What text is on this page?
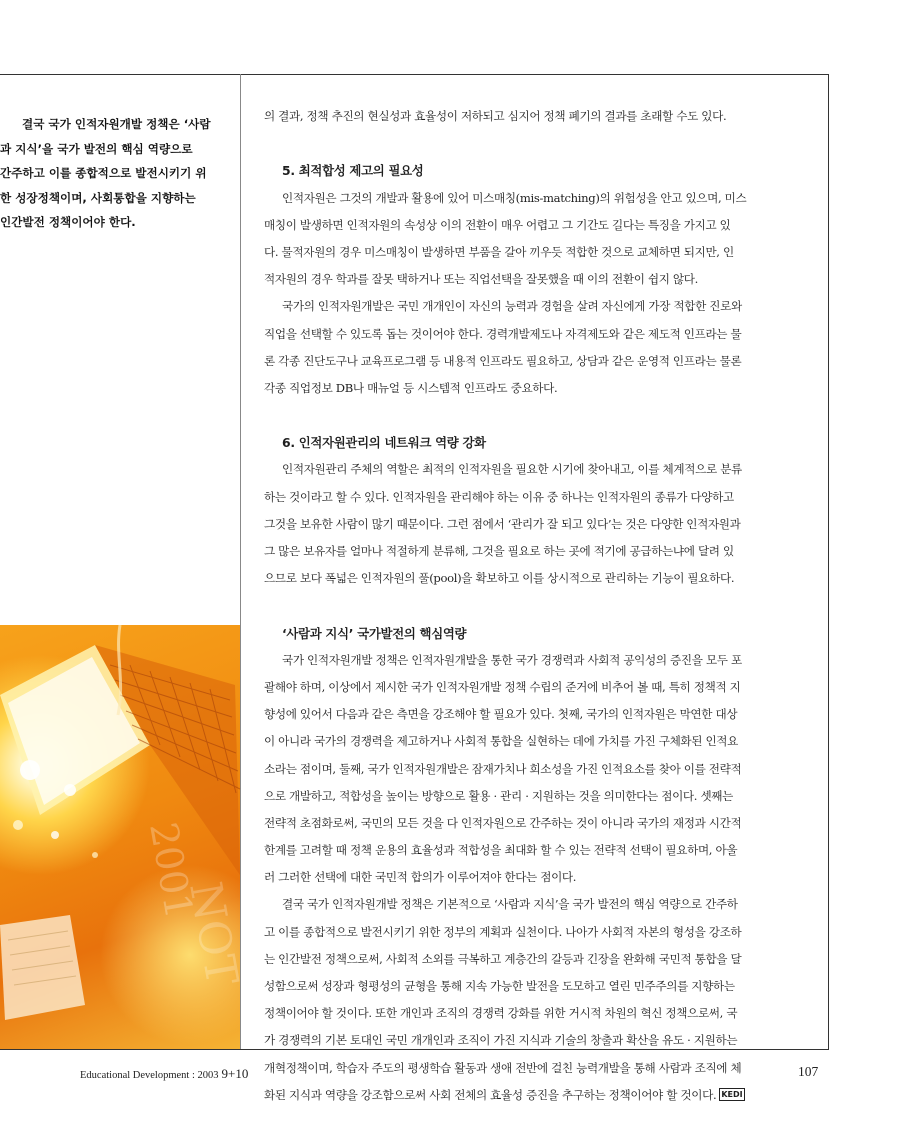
결국 국가 인적자원개발 정책은 ‘사람
과 지식’을 국가 발전의 핵심 역량으로
간주하고 이를 종합적으로 발전시키기 위
한 성장정책이며, 사회통합을 지향하는
인간발전 정책이어야 한다.
2001
NOT
의 결과, 정책 추진의 현실성과 효율성이 저하되고 심지어 정책 폐기의 결과를 초래할 수도 있다.
5. 최적합성 제고의 필요성
인적자원은 그것의 개발과 활용에 있어 미스매칭(mis-matching)의 위험성을 안고 있으며, 미스
매칭이 발생하면 인적자원의 속성상 이의 전환이 매우 어렵고 그 기간도 길다는 특징을 가지고 있
다. 물적자원의 경우 미스매칭이 발생하면 부품을 갈아 끼우듯 적합한 것으로 교체하면 되지만, 인
적자원의 경우 학과를 잘못 택하거나 또는 직업선택을 잘못했을 때 이의 전환이 쉽지 않다.
국가의 인적자원개발은 국민 개개인이 자신의 능력과 경험을 살려 자신에게 가장 적합한 진로와
직업을 선택할 수 있도록 돕는 것이어야 한다. 경력개발제도나 자격제도와 같은 제도적 인프라는 물
론 각종 진단도구나 교육프로그램 등 내용적 인프라도 필요하고, 상담과 같은 운영적 인프라는 물론
각종 직업정보 DB나 매뉴얼 등 시스템적 인프라도 중요하다.
6. 인적자원관리의 네트워크 역량 강화
인적자원관리 주체의 역할은 최적의 인적자원을 필요한 시기에 찾아내고, 이를 체계적으로 분류
하는 것이라고 할 수 있다. 인적자원을 관리해야 하는 이유 중 하나는 인적자원의 종류가 다양하고
그것을 보유한 사람이 많기 때문이다. 그런 점에서 ‘관리가 잘 되고 있다’는 것은 다양한 인적자원과
그 많은 보유자를 얼마나 적절하게 분류해, 그것을 필요로 하는 곳에 적기에 공급하는냐에 달려 있
으므로 보다 폭넓은 인적자원의 풀(pool)을 확보하고 이를 상시적으로 관리하는 기능이 필요하다.
‘사람과 지식’ 국가발전의 핵심역량
국가 인적자원개발 정책은 인적자원개발을 통한 국가 경쟁력과 사회적 공익성의 증진을 모두 포
괄해야 하며, 이상에서 제시한 국가 인적자원개발 정책 수립의 준거에 비추어 볼 때, 특히 정책적 지
향성에 있어서 다음과 같은 측면을 강조해야 할 필요가 있다. 첫째, 국가의 인적자원은 막연한 대상
이 아니라 국가의 경쟁력을 제고하거나 사회적 통합을 실현하는 데에 가치를 가진 구체화된 인적요
소라는 점이며, 둘째, 국가 인적자원개발은 잠재가치나 희소성을 가진 인적요소를 찾아 이를 전략적
으로 개발하고, 적합성을 높이는 방향으로 활용 · 관리 · 지원하는 것을 의미한다는 점이다. 셋째는
전략적 초점화로써, 국민의 모든 것을 다 인적자원으로 간주하는 것이 아니라 국가의 재정과 시간적
한계를 고려할 때 정책 운용의 효율성과 적합성을 최대화 할 수 있는 전략적 선택이 필요하며, 아울
러 그러한 선택에 대한 국민적 합의가 이루어져야 한다는 점이다.
결국 국가 인적자원개발 정책은 기본적으로 ‘사람과 지식’을 국가 발전의 핵심 역량으로 간주하
고 이를 종합적으로 발전시키기 위한 정부의 계획과 실천이다. 나아가 사회적 자본의 형성을 강조하
는 인간발전 정책으로써, 사회적 소외를 극복하고 계층간의 갈등과 긴장을 완화해 국민적 통합을 달
성함으로써 성장과 형평성의 균형을 통해 지속 가능한 발전을 도모하고 열린 민주주의를 지향하는
정책이어야 할 것이다. 또한 개인과 조직의 경쟁력 강화를 위한 거시적 차원의 혁신 정책으로써, 국
가 경쟁력의 기본 토대인 국민 개개인과 조직이 가진 지식과 기술의 창출과 확산을 유도 · 지원하는
개혁정책이며, 학습자 주도의 평생학습 활동과 생애 전반에 걸친 능력개발을 통해 사람과 조직에 체
화된 지식과 역량을 강조함으로써 사회 전체의 효율성 증진을 추구하는 정책이어야 할 것이다. KEDI
Educational Development : 2003 9+10	107
